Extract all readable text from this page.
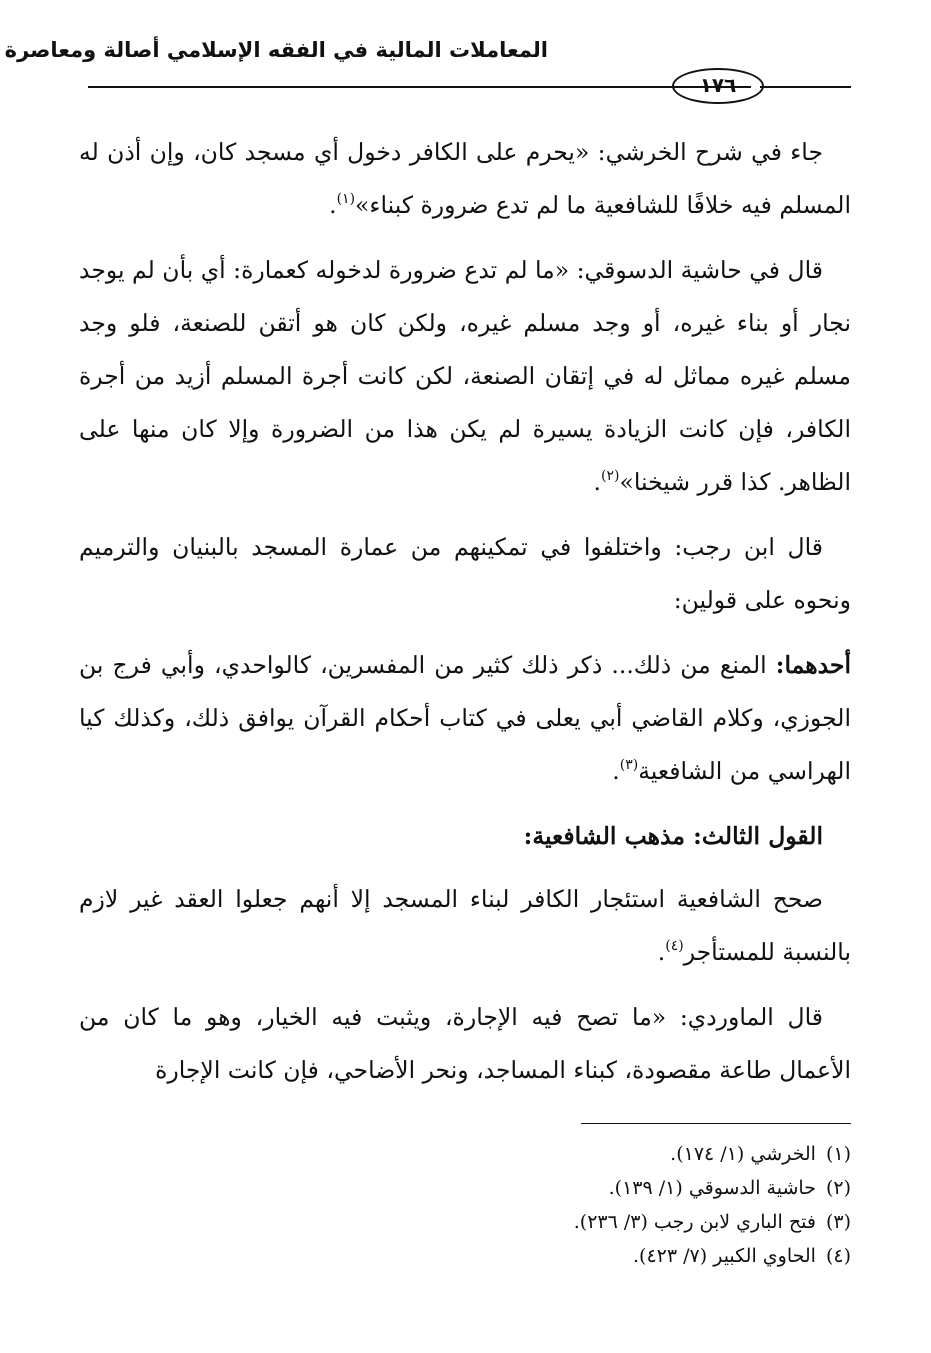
المعاملات المالية في الفقه الإسلامي أصالة ومعاصرة
١٧٦

جاء في شرح الخرشي: «يحرم على الكافر دخول أي مسجد كان، وإن أذن له المسلم فيه خلافًا للشافعية ما لم تدع ضرورة كبناء»$^{(١)}$.

قال في حاشية الدسوقي: «ما لم تدع ضرورة لدخوله كعمارة: أي بأن لم يوجد نجار أو بناء غيره، أو وجد مسلم غيره، ولكن كان هو أتقن للصنعة، فلو وجد مسلم غيره مماثل له في إتقان الصنعة، لكن كانت أجرة المسلم أزيد من أجرة الكافر، فإن كانت الزيادة يسيرة لم يكن هذا من الضرورة وإلا كان منها على الظاهر. كذا قرر شيخنا»$^{(٢)}$.

قال ابن رجب: واختلفوا في تمكينهم من عمارة المسجد بالبنيان والترميم ونحوه على قولين:

أحدهما: المنع من ذلك... ذكر ذلك كثير من المفسرين، كالواحدي، وأبي فرج بن الجوزي، وكلام القاضي أبي يعلى في كتاب أحكام القرآن يوافق ذلك، وكذلك كيا الهراسي من الشافعية$^{(٣)}$.

القول الثالث: مذهب الشافعية:

صحح الشافعية استئجار الكافر لبناء المسجد إلا أنهم جعلوا العقد غير لازم بالنسبة للمستأجر$^{(٤)}$.

قال الماوردي: «ما تصح فيه الإجارة، ويثبت فيه الخيار، وهو ما كان من الأعمال طاعة مقصودة، كبناء المساجد، ونحر الأضاحي، فإن كانت الإجارة

(١)الخرشي (١/ ١٧٤).
(٢)حاشية الدسوقي (١/ ١٣٩).
(٣)فتح الباري لابن رجب (٣/ ٢٣٦).
(٤)الحاوي الكبير (٧/ ٤٢٣).
